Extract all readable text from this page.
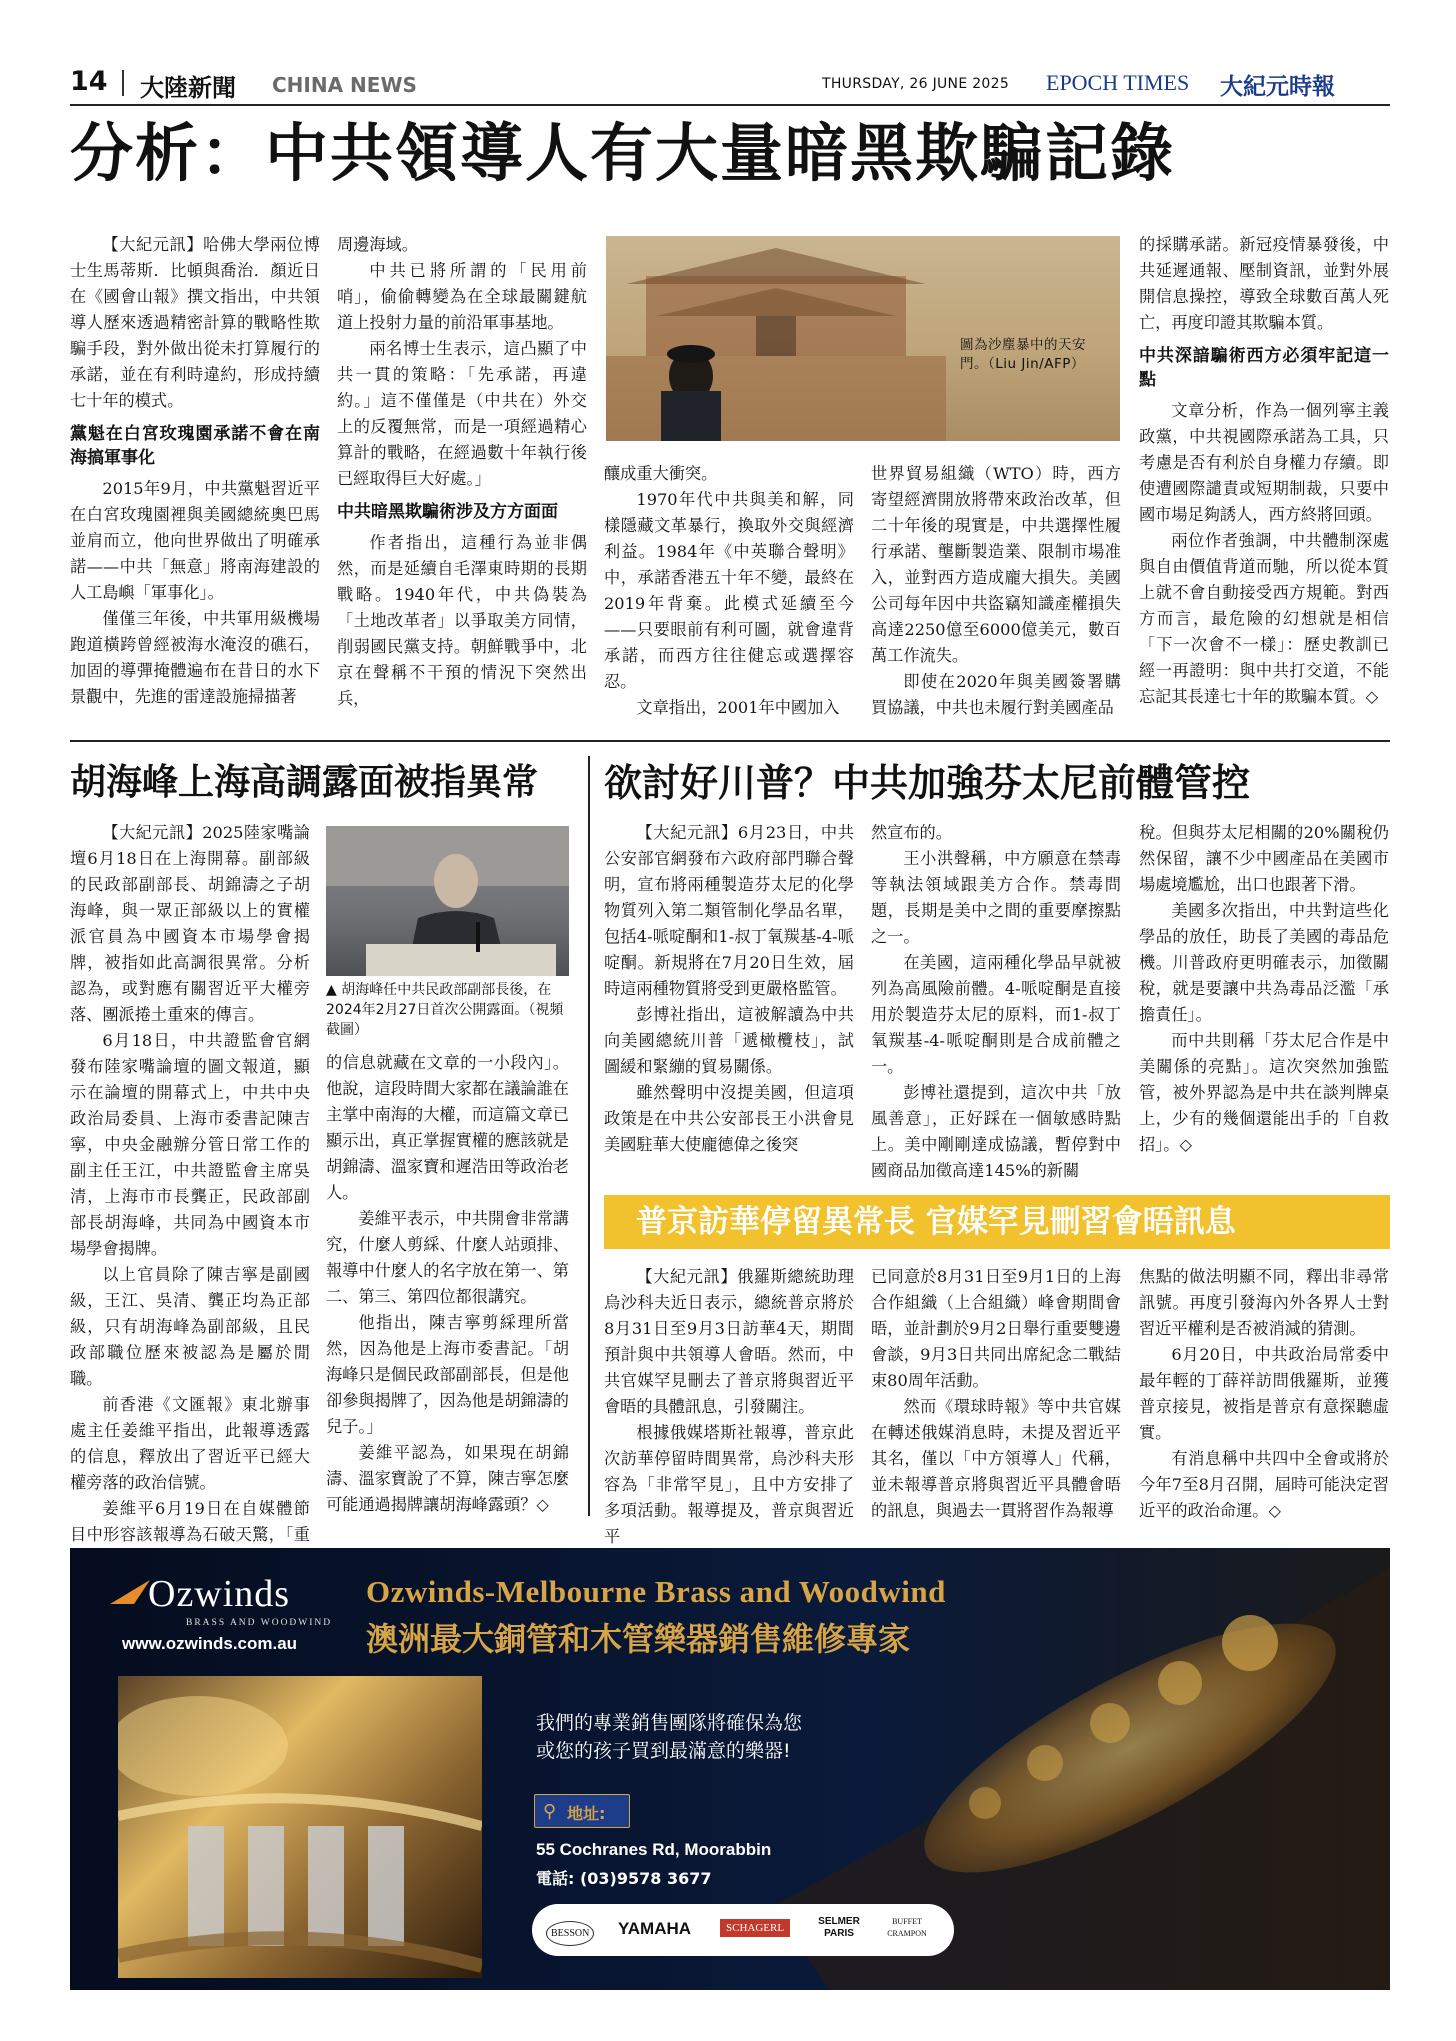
14 大陸新聞 CHINA NEWS	THURSDAY, 26 JUNE 2025 EPOCH TIMES 大紀元時報
分析：中共領導人有大量暗黑欺騙記錄

【大紀元訊】哈佛大學兩位博士生馬蒂斯．比頓與喬治．顏近日在《國會山報》撰文指出，中共領導人歷來透過精密計算的戰略性欺騙手段，對外做出從未打算履行的承諾，並在有利時違約，形成持續七十年的模式。

黨魁在白宮玫瑰園承諾不會在南海搞軍事化

2015年9月，中共黨魁習近平在白宮玫瑰園裡與美國總統奧巴馬並肩而立，他向世界做出了明確承諾——中共「無意」將南海建設的人工島嶼「軍事化」。

僅僅三年後，中共軍用級機場跑道橫跨曾經被海水淹沒的礁石，加固的導彈掩體遍布在昔日的水下景觀中，先進的雷達設施掃描著

周邊海域。

中共已將所謂的「民用前哨」，偷偷轉變為在全球最關鍵航道上投射力量的前沿軍事基地。

兩名博士生表示，這凸顯了中共一貫的策略：「先承諾，再違約。」這不僅僅是（中共在）外交上的反覆無常，而是一項經過精心算計的戰略，在經過數十年執行後已經取得巨大好處。」

中共暗黑欺騙術涉及方方面面

作者指出，這種行為並非偶然，而是延續自毛澤東時期的長期戰略。1940年代，中共偽裝為「土地改革者」以爭取美方同情，削弱國民黨支持。朝鮮戰爭中，北京在聲稱不干預的情況下突然出兵，

圖為沙塵暴中的天安門。（Liu Jin/AFP）

釀成重大衝突。

1970年代中共與美和解，同樣隱藏文革暴行，換取外交與經濟利益。1984年《中英聯合聲明》中，承諾香港五十年不變，最終在2019年背棄。此模式延續至今——只要眼前有利可圖，就會違背承諾，而西方往往健忘或選擇容忍。

文章指出，2001年中國加入

世界貿易組織（WTO）時，西方寄望經濟開放將帶來政治改革，但二十年後的現實是，中共選擇性履行承諾、壟斷製造業、限制市場准入，並對西方造成龐大損失。美國公司每年因中共盜竊知識產權損失高達2250億至6000億美元，數百萬工作流失。

即使在2020年與美國簽署購買協議，中共也未履行對美國產品

的採購承諾。新冠疫情暴發後，中共延遲通報、壓制資訊，並對外展開信息操控，導致全球數百萬人死亡，再度印證其欺騙本質。

中共深諳騙術西方必須牢記這一點

文章分析，作為一個列寧主義政黨，中共視國際承諾為工具，只考慮是否有利於自身權力存續。即使遭國際譴責或短期制裁，只要中國市場足夠誘人，西方終將回頭。

兩位作者強調，中共體制深處與自由價值背道而馳，所以從本質上就不會自動接受西方規範。對西方而言，最危險的幻想就是相信「下一次會不一樣」：歷史教訓已經一再證明：與中共打交道，不能忘記其長達七十年的欺騙本質。◇

胡海峰上海高調露面被指異常

【大紀元訊】2025陸家嘴論壇6月18日在上海開幕。副部級的民政部副部長、胡錦濤之子胡海峰，與一眾正部級以上的實權派官員為中國資本市場學會揭牌，被指如此高調很異常。分析認為，或對應有關習近平大權旁落、團派捲土重來的傳言。

6月18日，中共證監會官網發布陸家嘴論壇的圖文報道，顯示在論壇的開幕式上，中共中央政治局委員、上海市委書記陳吉寧，中央金融辦分管日常工作的副主任王江，中共證監會主席吳清，上海市市長龔正，民政部副部長胡海峰，共同為中國資本市場學會揭牌。

以上官員除了陳吉寧是副國級，王江、吳清、龔正均為正部級，只有胡海峰為副部級，且民政部職位歷來被認為是屬於閒職。

前香港《文匯報》東北辦事處主任姜維平指出，此報導透露的信息，釋放出了習近平已經大權旁落的政治信號。

姜維平6月19日在自媒體節目中形容該報導為石破天驚，「重

▲ 胡海峰任中共民政部副部長後，在2024年2月27日首次公開露面。（視頻截圖）

的信息就藏在文章的一小段內」。他說，這段時間大家都在議論誰在主掌中南海的大權，而這篇文章已顯示出，真正掌握實權的應該就是胡錦濤、溫家寶和遲浩田等政治老人。

姜維平表示，中共開會非常講究，什麼人剪綵、什麼人站頭排、報導中什麼人的名字放在第一、第二、第三、第四位都很講究。

他指出，陳吉寧剪綵理所當然，因為他是上海市委書記。「胡海峰只是個民政部副部長，但是他卻參與揭牌了，因為他是胡錦濤的兒子。」

姜維平認為，如果現在胡錦濤、溫家寶說了不算，陳吉寧怎麼可能通過揭牌讓胡海峰露頭？◇

欲討好川普？中共加強芬太尼前體管控

【大紀元訊】6月23日，中共公安部官網發布六政府部門聯合聲明，宣布將兩種製造芬太尼的化學物質列入第二類管制化學品名單，包括4-哌啶酮和1-叔丁氧羰基-4-哌啶酮。新規將在7月20日生效，屆時這兩種物質將受到更嚴格監管。

彭博社指出，這被解讀為中共向美國總統川普「遞橄欖枝」，試圖緩和緊繃的貿易關係。

雖然聲明中沒提美國，但這項政策是在中共公安部長王小洪會見美國駐華大使龐德偉之後突

然宣布的。

王小洪聲稱，中方願意在禁毒等執法領域跟美方合作。禁毒問題，長期是美中之間的重要摩擦點之一。

在美國，這兩種化學品早就被列為高風險前體。4-哌啶酮是直接用於製造芬太尼的原料，而1-叔丁氧羰基-4-哌啶酮則是合成前體之一。

彭博社還提到，這次中共「放風善意」，正好踩在一個敏感時點上。美中剛剛達成協議，暫停對中國商品加徵高達145%的新關

稅。但與芬太尼相關的20%關稅仍然保留，讓不少中國產品在美國市場處境尷尬，出口也跟著下滑。

美國多次指出，中共對這些化學品的放任，助長了美國的毒品危機。川普政府更明確表示，加徵關稅，就是要讓中共為毒品泛濫「承擔責任」。

而中共則稱「芬太尼合作是中美關係的亮點」。這次突然加強監管，被外界認為是中共在談判牌桌上，少有的幾個還能出手的「自救招」。◇

普京訪華停留異常長 官媒罕見刪習會晤訊息

【大紀元訊】俄羅斯總統助理烏沙科夫近日表示，總統普京將於8月31日至9月3日訪華4天，期間預計與中共領導人會晤。然而，中共官媒罕見刪去了普京將與習近平會晤的具體訊息，引發關注。

根據俄媒塔斯社報導，普京此次訪華停留時間異常，烏沙科夫形容為「非常罕見」，且中方安排了多項活動。報導提及，普京與習近平

已同意於8月31日至9月1日的上海合作組織（上合組織）峰會期間會晤，並計劃於9月2日舉行重要雙邊會談，9月3日共同出席紀念二戰結束80周年活動。

然而《環球時報》等中共官媒在轉述俄媒消息時，未提及習近平其名，僅以「中方領導人」代稱，並未報導普京將與習近平具體會晤的訊息，與過去一貫將習作為報導

焦點的做法明顯不同，釋出非尋常訊號。再度引發海內外各界人士對習近平權利是否被消減的猜測。

6月20日，中共政治局常委中最年輕的丁薛祥訪問俄羅斯，並獲普京接見，被指是普京有意探聽虛實。

有消息稱中共四中全會或將於今年7至8月召開，屆時可能決定習近平的政治命運。◇

Ozwinds
BRASS AND WOODWIND
www.ozwinds.com.au
Ozwinds-Melbourne Brass and Woodwind
澳洲最大銅管和木管樂器銷售維修專家
我們的專業銷售團隊將確保為您
或您的孩子買到最滿意的樂器!
⚲ 地址:
55 Cochranes Rd, Moorabbin
電話: (03)9578 3677
BESSON YAMAHA	SCHAGERL
SELMER PARIS
BUFFET CRAMPON
